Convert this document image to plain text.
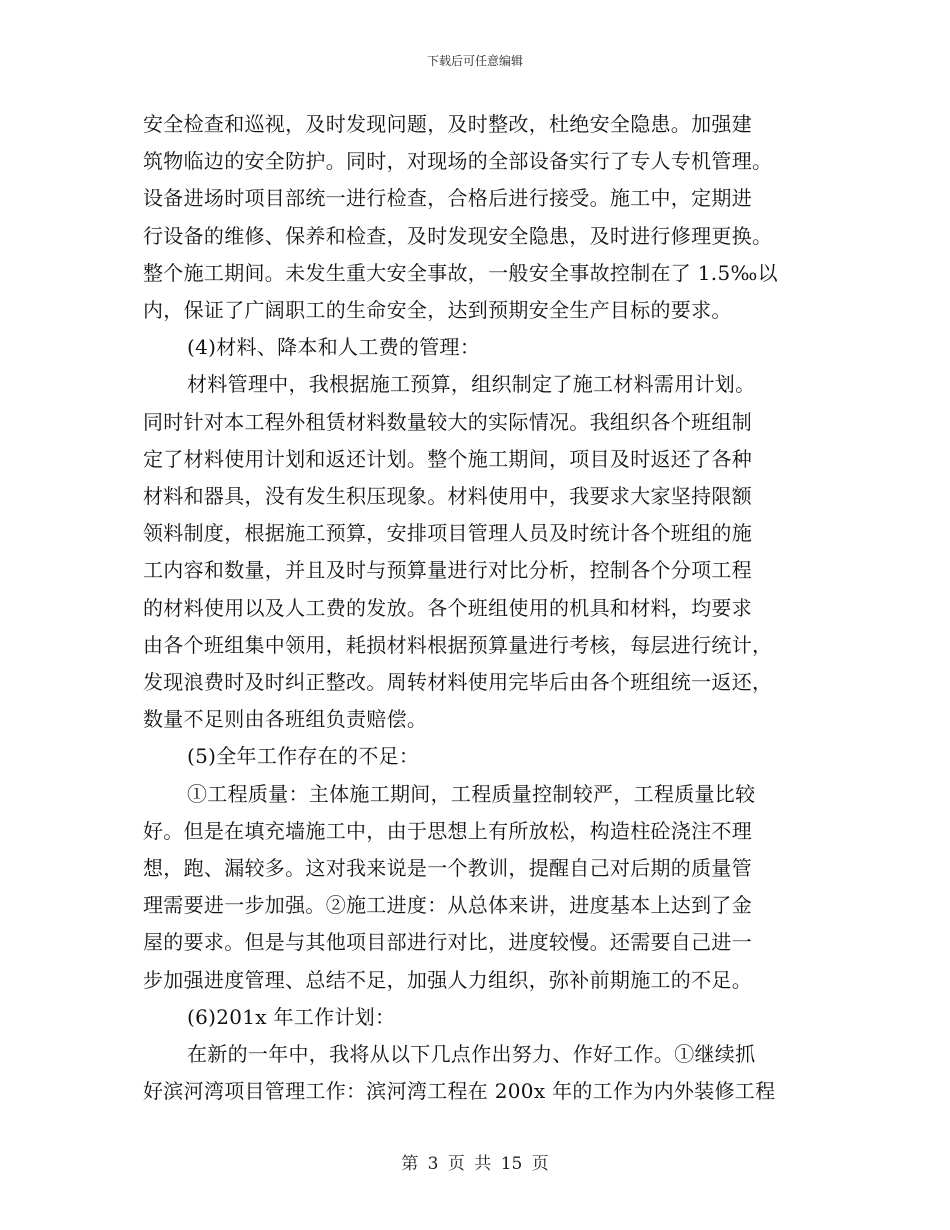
下载后可任意编辑
安全检查和巡视，及时发现问题，及时整改，杜绝安全隐患。加强建
筑物临边的安全防护。同时，对现场的全部设备实行了专人专机管理。
设备进场时项目部统一进行检查，合格后进行接受。施工中，定期进
行设备的维修、保养和检查，及时发现安全隐患，及时进行修理更换。
整个施工期间。未发生重大安全事故，一般安全事故控制在了 1.5‰以
内，保证了广阔职工的生命安全，达到预期安全生产目标的要求。
(4)材料、降本和人工费的管理：
材料管理中，我根据施工预算，组织制定了施工材料需用计划。
同时针对本工程外租赁材料数量较大的实际情况。我组织各个班组制
定了材料使用计划和返还计划。整个施工期间，项目及时返还了各种
材料和器具，没有发生积压现象。材料使用中，我要求大家坚持限额
领料制度，根据施工预算，安排项目管理人员及时统计各个班组的施
工内容和数量，并且及时与预算量进行对比分析，控制各个分项工程
的材料使用以及人工费的发放。各个班组使用的机具和材料，均要求
由各个班组集中领用，耗损材料根据预算量进行考核，每层进行统计，
发现浪费时及时纠正整改。周转材料使用完毕后由各个班组统一返还，
数量不足则由各班组负责赔偿。
(5)全年工作存在的不足：
①工程质量：主体施工期间，工程质量控制较严，工程质量比较
好。但是在填充墙施工中，由于思想上有所放松，构造柱砼浇注不理
想，跑、漏较多。这对我来说是一个教训，提醒自己对后期的质量管
理需要进一步加强。②施工进度：从总体来讲，进度基本上达到了金
屋的要求。但是与其他项目部进行对比，进度较慢。还需要自己进一
步加强进度管理、总结不足，加强人力组织，弥补前期施工的不足。
(6)201x 年工作计划：
在新的一年中，我将从以下几点作出努力、作好工作。①继续抓
好滨河湾项目管理工作：滨河湾工程在 200x 年的工作为内外装修工程
第 3 页 共 15 页
